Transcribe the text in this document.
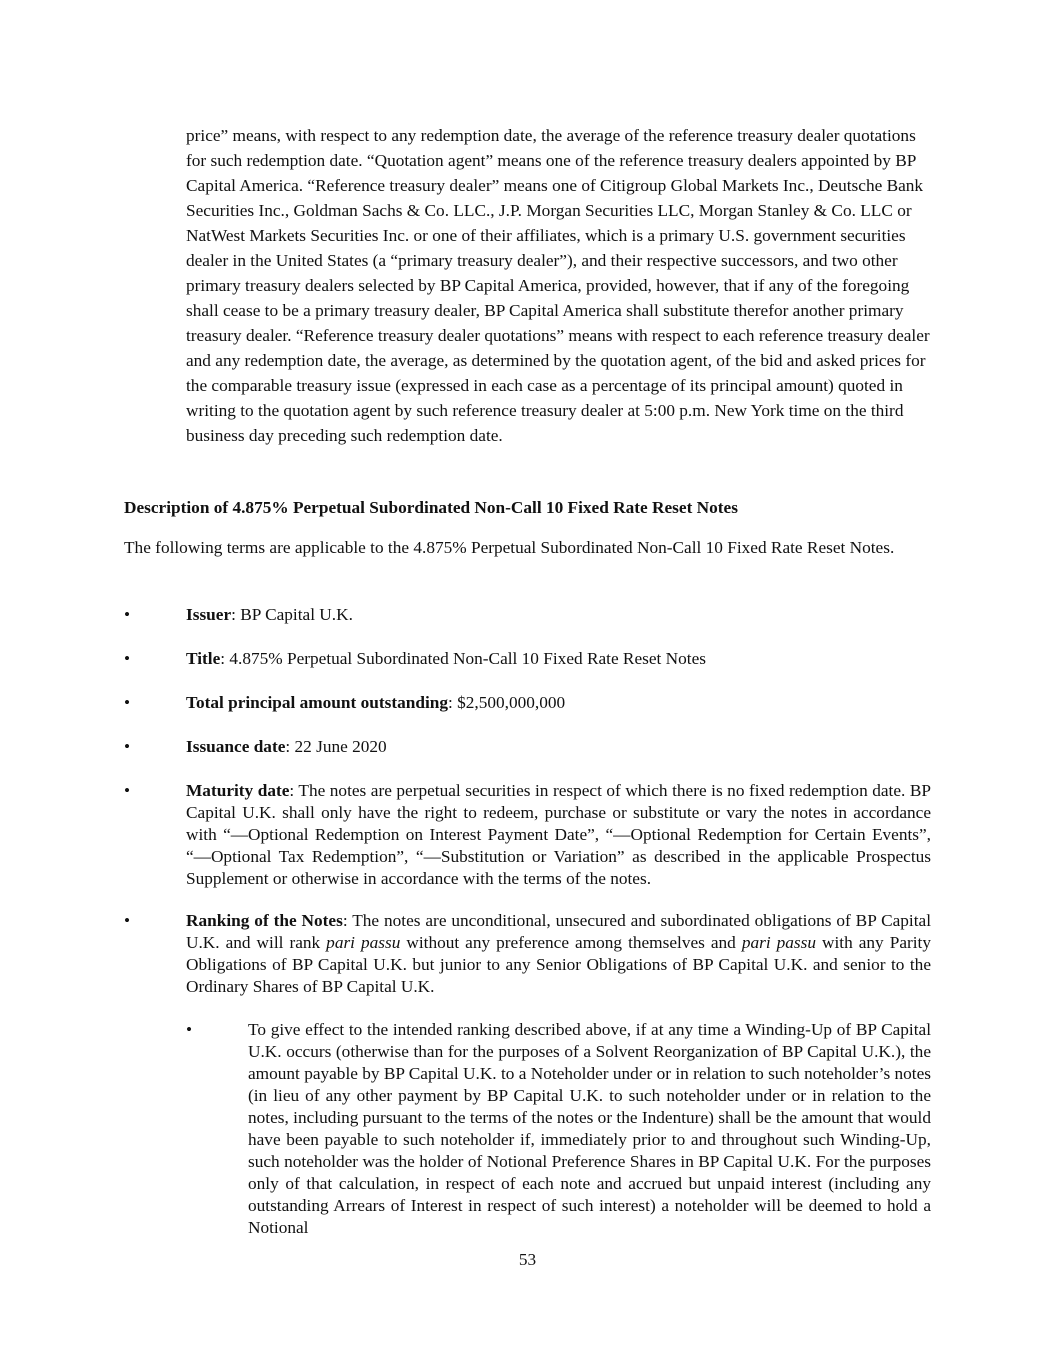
price” means, with respect to any redemption date, the average of the reference treasury dealer quotations for such redemption date. “Quotation agent” means one of the reference treasury dealers appointed by BP Capital America. “Reference treasury dealer” means one of Citigroup Global Markets Inc., Deutsche Bank Securities Inc., Goldman Sachs & Co. LLC., J.P. Morgan Securities LLC, Morgan Stanley & Co. LLC or NatWest Markets Securities Inc. or one of their affiliates, which is a primary U.S. government securities dealer in the United States (a “primary treasury dealer”), and their respective successors, and two other primary treasury dealers selected by BP Capital America, provided, however, that if any of the foregoing shall cease to be a primary treasury dealer, BP Capital America shall substitute therefor another primary treasury dealer. “Reference treasury dealer quotations” means with respect to each reference treasury dealer and any redemption date, the average, as determined by the quotation agent, of the bid and asked prices for the comparable treasury issue (expressed in each case as a percentage of its principal amount) quoted in writing to the quotation agent by such reference treasury dealer at 5:00 p.m. New York time on the third business day preceding such redemption date.

Description of 4.875% Perpetual Subordinated Non-Call 10 Fixed Rate Reset Notes

The following terms are applicable to the 4.875% Perpetual Subordinated Non-Call 10 Fixed Rate Reset Notes.

•	Issuer: BP Capital U.K.

•	Title: 4.875% Perpetual Subordinated Non-Call 10 Fixed Rate Reset Notes

•	Total principal amount outstanding: $2,500,000,000

•	Issuance date: 22 June 2020

•	Maturity date: The notes are perpetual securities in respect of which there is no fixed redemption date. BP Capital U.K. shall only have the right to redeem, purchase or substitute or vary the notes in accordance with “—Optional Redemption on Interest Payment Date”, “—Optional Redemption for Certain Events”, “—Optional Tax Redemption”, “—Substitution or Variation” as described in the applicable Prospectus Supplement or otherwise in accordance with the terms of the notes.

•	Ranking of the Notes: The notes are unconditional, unsecured and subordinated obligations of BP Capital U.K. and will rank pari passu without any preference among themselves and pari passu with any Parity Obligations of BP Capital U.K. but junior to any Senior Obligations of BP Capital U.K. and senior to the Ordinary Shares of BP Capital U.K.

•	To give effect to the intended ranking described above, if at any time a Winding-Up of BP Capital U.K. occurs (otherwise than for the purposes of a Solvent Reorganization of BP Capital U.K.), the amount payable by BP Capital U.K. to a Noteholder under or in relation to such noteholder’s notes (in lieu of any other payment by BP Capital U.K. to such noteholder under or in relation to the notes, including pursuant to the terms of the notes or the Indenture) shall be the amount that would have been payable to such noteholder if, immediately prior to and throughout such Winding-Up, such noteholder was the holder of Notional Preference Shares in BP Capital U.K. For the purposes only of that calculation, in respect of each note and accrued but unpaid interest (including any outstanding Arrears of Interest in respect of such interest) a noteholder will be deemed to hold a Notional

53
